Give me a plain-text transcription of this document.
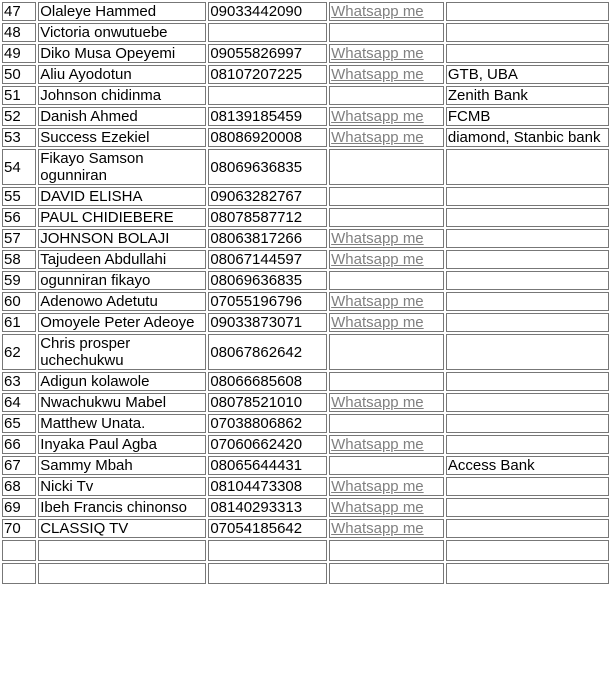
47	Olaleye Hammed	09033442090	Whatsapp me	
48	Victoria onwutuebe			
49	Diko Musa Opeyemi	09055826997	Whatsapp me	
50	Aliu Ayodotun	08107207225	Whatsapp me	GTB, UBA
51	Johnson chidinma			Zenith Bank
52	Danish Ahmed	08139185459	Whatsapp me	FCMB
53	Success Ezekiel	08086920008	Whatsapp me	diamond, Stanbic bank
54	Fikayo Samson ogunniran	08069636835		
55	DAVID ELISHA	09063282767		
56	PAUL CHIDIEBERE	08078587712		
57	JOHNSON BOLAJI	08063817266	Whatsapp me	
58	Tajudeen Abdullahi	08067144597	Whatsapp me	
59	ogunniran fikayo	08069636835		
60	Adenowo Adetutu	07055196796	Whatsapp me	
61	Omoyele Peter Adeoye	09033873071	Whatsapp me	
62	Chris prosper uchechukwu	08067862642		
63	Adigun kolawole	08066685608		
64	Nwachukwu Mabel	08078521010	Whatsapp me	
65	Matthew Unata.	07038806862		
66	Inyaka Paul Agba	07060662420	Whatsapp me	
67	Sammy Mbah	08065644431		Access Bank
68	Nicki Tv	08104473308	Whatsapp me	
69	Ibeh Francis chinonso	08140293313	Whatsapp me	
70	CLASSIQ TV	07054185642	Whatsapp me	
